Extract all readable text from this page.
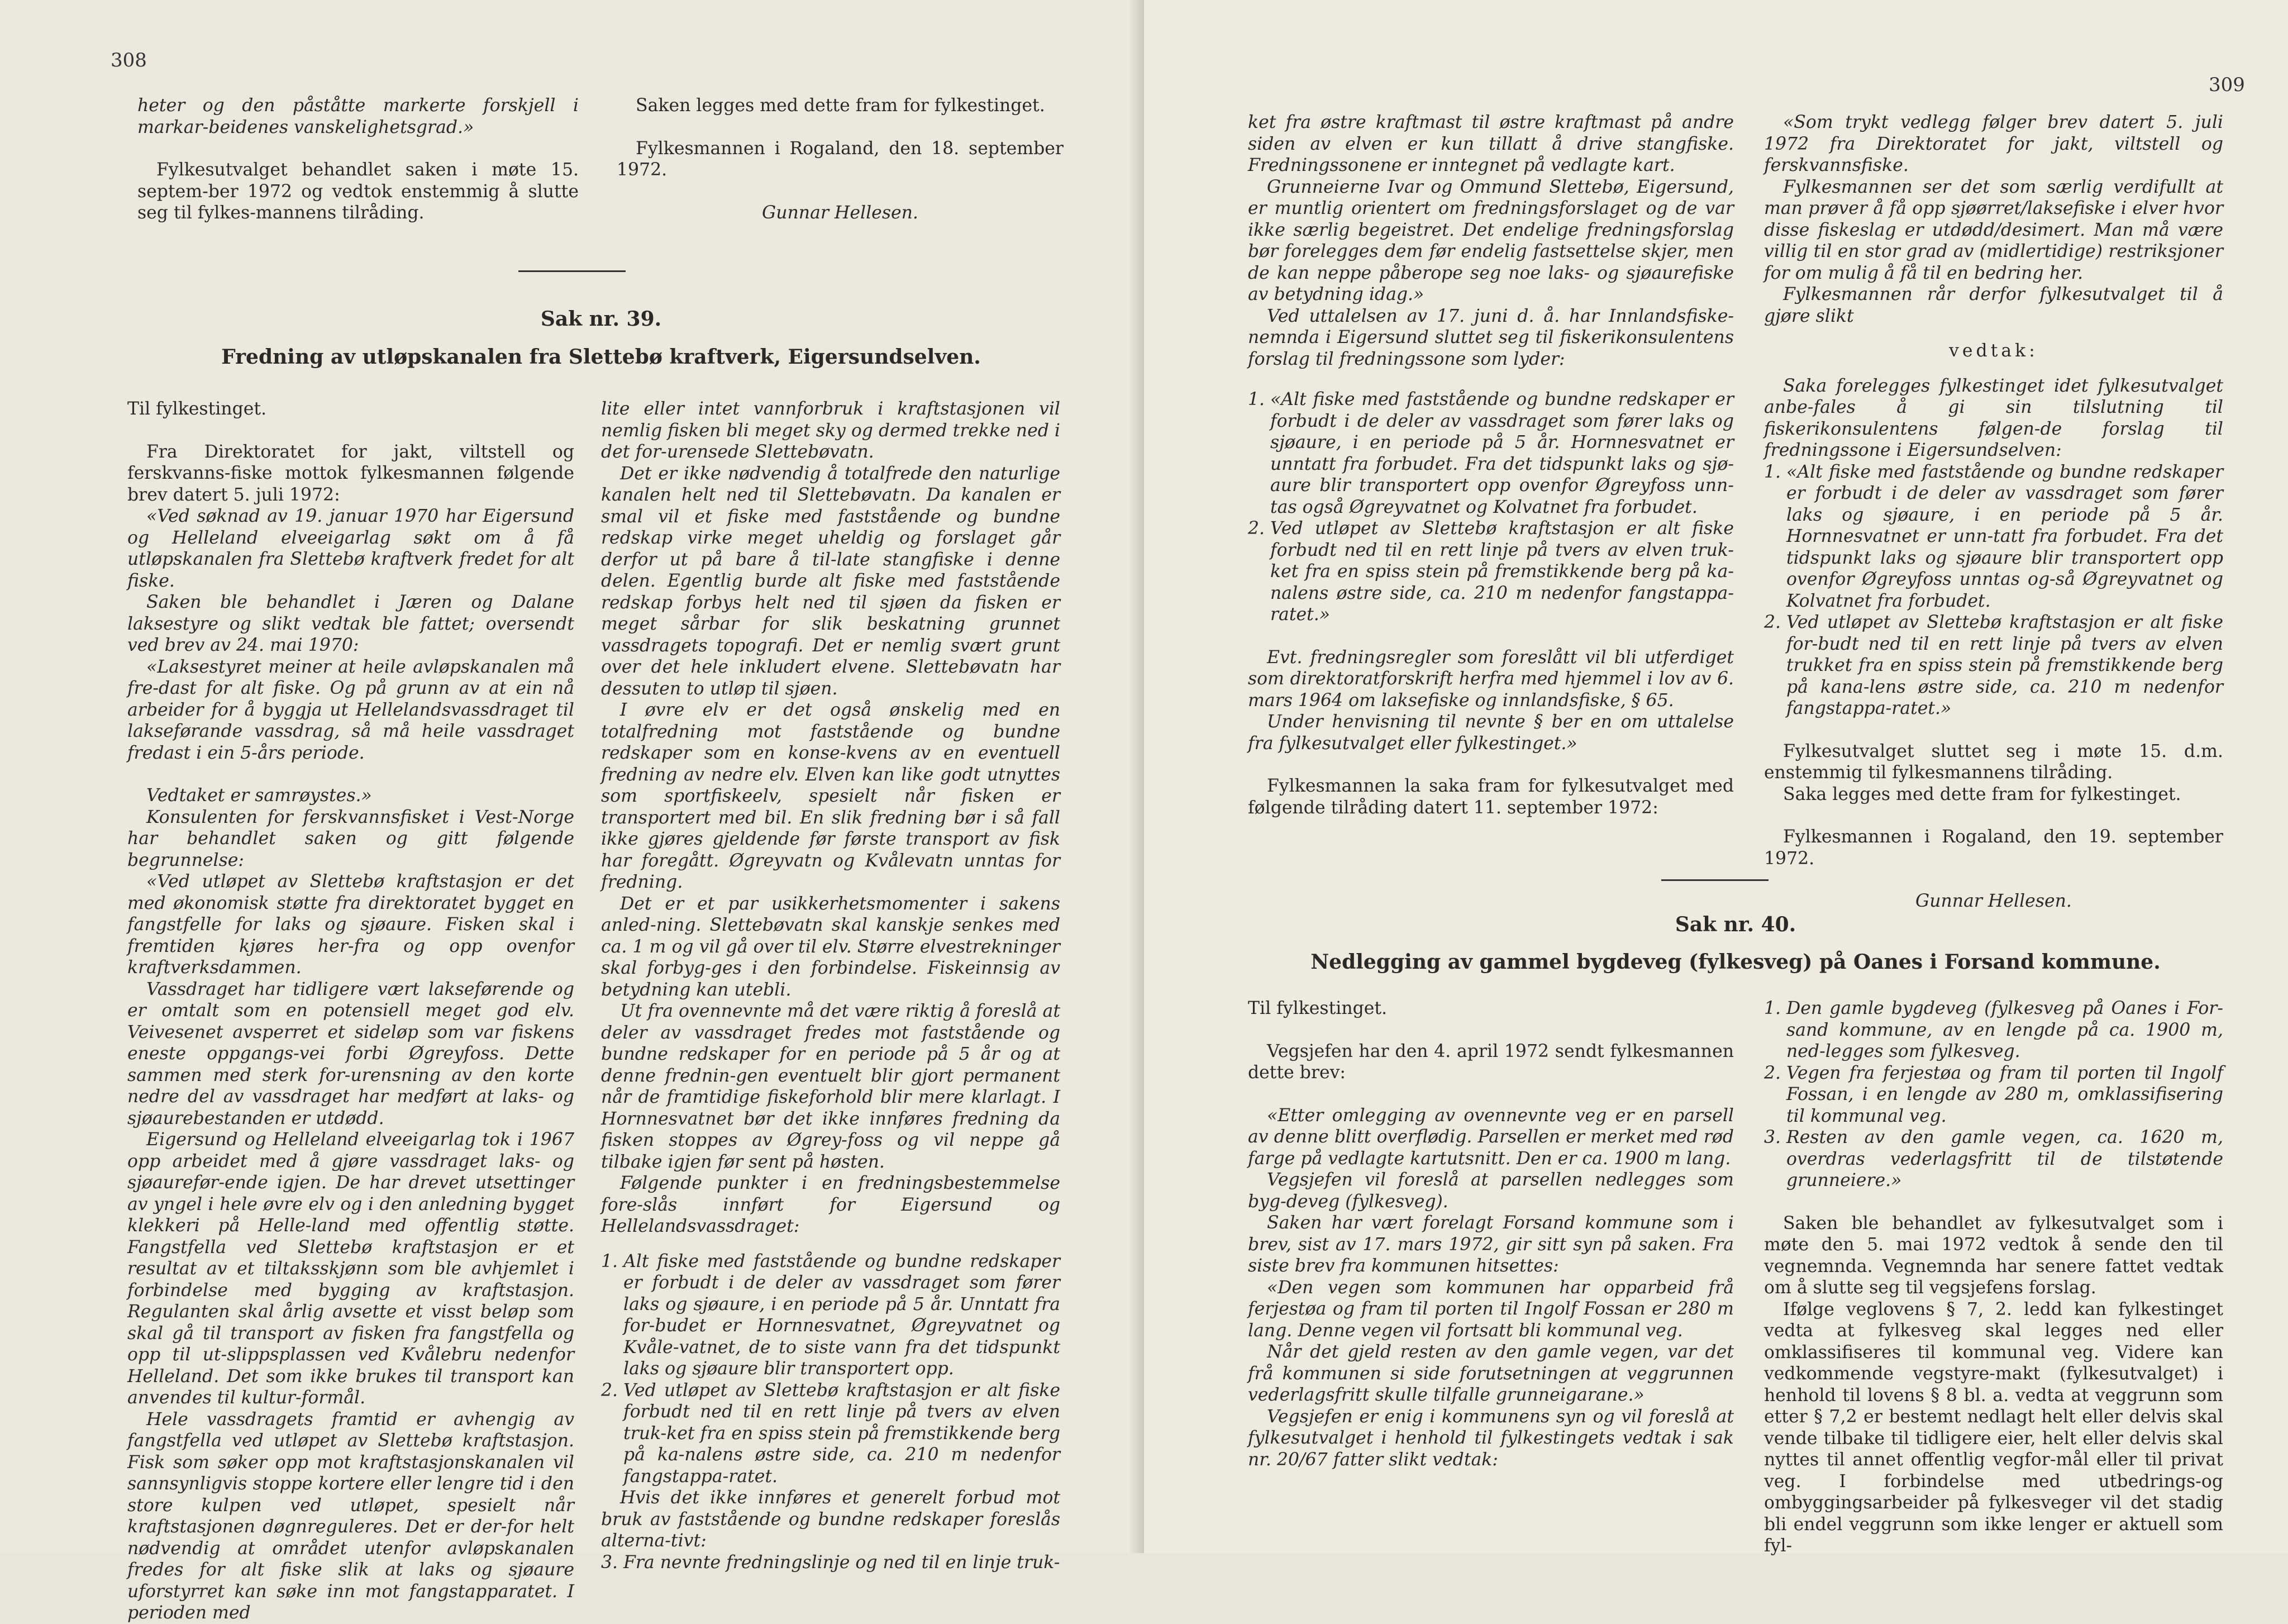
308

heter og den påståtte markerte forskjell i markar-beidenes vanskelighetsgrad.»

Fylkesutvalget behandlet saken i møte 15. septem-ber 1972 og vedtok enstemmig å slutte seg til fylkes-mannens tilråding.

Saken legges med dette fram for fylkestinget.

Fylkesmannen i Rogaland, den 18. september 1972.

Gunnar Hellesen.

Sak nr. 39.
Fredning av utløpskanalen fra Slettebø kraftverk, Eigersundselven.

Til fylkestinget.

Fra Direktoratet for jakt, viltstell og ferskvanns-fiske mottok fylkesmannen følgende brev datert 5. juli 1972:

«Ved søknad av 19. januar 1970 har Eigersund og Helleland elveeigarlag søkt om å få utløpskanalen fra Slettebø kraftverk fredet for alt fiske.

Saken ble behandlet i Jæren og Dalane laksestyre og slikt vedtak ble fattet; oversendt ved brev av 24. mai 1970:

«Laksestyret meiner at heile avløpskanalen må fre-dast for alt fiske. Og på grunn av at ein nå arbeider for å byggja ut Hellelandsvassdraget til lakseførande vassdrag, så må heile vassdraget fredast i ein 5-års periode.

Vedtaket er samrøystes.»

Konsulenten for ferskvannsfisket i Vest-Norge har behandlet saken og gitt følgende begrunnelse:

«Ved utløpet av Slettebø kraftstasjon er det med økonomisk støtte fra direktoratet bygget en fangstfelle for laks og sjøaure. Fisken skal i fremtiden kjøres her-fra og opp ovenfor kraftverksdammen.

Vassdraget har tidligere vært lakseførende og er omtalt som en potensiell meget god elv. Veivesenet avsperret et sideløp som var fiskens eneste oppgangs-vei forbi Øgreyfoss. Dette sammen med sterk for-urensning av den korte nedre del av vassdraget har medført at laks- og sjøaurebestanden er utdødd.

Eigersund og Helleland elveeigarlag tok i 1967 opp arbeidet med å gjøre vassdraget laks- og sjøaurefør-ende igjen. De har drevet utsettinger av yngel i hele øvre elv og i den anledning bygget klekkeri på Helle-land med offentlig støtte. Fangstfella ved Slettebø kraftstasjon er et resultat av et tiltaksskjønn som ble avhjemlet i forbindelse med bygging av kraftstasjon. Regulanten skal årlig avsette et visst beløp som skal gå til transport av fisken fra fangstfella og opp til ut-slippsplassen ved Kvålebru nedenfor Helleland. Det som ikke brukes til transport kan anvendes til kultur-formål.

Hele vassdragets framtid er avhengig av fangstfella ved utløpet av Slettebø kraftstasjon. Fisk som søker opp mot kraftstasjonskanalen vil sannsynligvis stoppe kortere eller lengre tid i den store kulpen ved utløpet, spesielt når kraftstasjonen døgnreguleres. Det er der-for helt nødvendig at området utenfor avløpskanalen fredes for alt fiske slik at laks og sjøaure uforstyrret kan søke inn mot fangstapparatet. I perioden med

lite eller intet vannforbruk i kraftstasjonen vil nemlig fisken bli meget sky og dermed trekke ned i det for-urensede Slettebøvatn.

Det er ikke nødvendig å totalfrede den naturlige kanalen helt ned til Slettebøvatn. Da kanalen er smal vil et fiske med faststående og bundne redskap virke meget uheldig og forslaget går derfor ut på bare å til-late stangfiske i denne delen. Egentlig burde alt fiske med faststående redskap forbys helt ned til sjøen da fisken er meget sårbar for slik beskatning grunnet vassdragets topografi. Det er nemlig svært grunt over det hele inkludert elvene. Slettebøvatn har dessuten to utløp til sjøen.

I øvre elv er det også ønskelig med en totalfredning mot faststående og bundne redskaper som en konse-kvens av en eventuell fredning av nedre elv. Elven kan like godt utnyttes som sportfiskeelv, spesielt når fisken er transportert med bil. En slik fredning bør i så fall ikke gjøres gjeldende før første transport av fisk har foregått. Øgreyvatn og Kvålevatn unntas for fredning.

Det er et par usikkerhetsmomenter i sakens anled-ning. Slettebøvatn skal kanskje senkes med ca. 1 m og vil gå over til elv. Større elvestrekninger skal forbyg-ges i den forbindelse. Fiskeinnsig av betydning kan utebli.

Ut fra ovennevnte må det være riktig å foreslå at deler av vassdraget fredes mot faststående og bundne redskaper for en periode på 5 år og at denne frednin-gen eventuelt blir gjort permanent når de framtidige fiskeforhold blir mere klarlagt. I Hornnesvatnet bør det ikke innføres fredning da fisken stoppes av Øgrey-foss og vil neppe gå tilbake igjen før sent på høsten.

Følgende punkter i en fredningsbestemmelse fore-slås innført for Eigersund og Hellelandsvassdraget:

1. Alt fiske med faststående og bundne redskaper er forbudt i de deler av vassdraget som fører laks og sjøaure, i en periode på 5 år. Unntatt fra for-budet er Hornnesvatnet, Øgreyvatnet og Kvåle-vatnet, de to siste vann fra det tidspunkt laks og sjøaure blir transportert opp.
2. Ved utløpet av Slettebø kraftstasjon er alt fiske forbudt ned til en rett linje på tvers av elven truk-ket fra en spiss stein på fremstikkende berg på ka-nalens østre side, ca. 210 m nedenfor fangstappa-ratet.

Hvis det ikke innføres et generelt forbud mot bruk av faststående og bundne redskaper foreslås alterna-tivt:

3. Fra nevnte fredningslinje og ned til en linje truk-
309

ket fra østre kraftmast til østre kraftmast på andre siden av elven er kun tillatt å drive stangfiske. Fredningssonene er inntegnet på vedlagte kart.

Grunneierne Ivar og Ommund Slettebø, Eigersund, er muntlig orientert om fredningsforslaget og de var ikke særlig begeistret. Det endelige fredningsforslag bør forelegges dem før endelig fastsettelse skjer, men de kan neppe påberope seg noe laks- og sjøaurefiske av betydning idag.»

Ved uttalelsen av 17. juni d. å. har Innlandsfiske-nemnda i Eigersund sluttet seg til fiskerikonsulentens forslag til fredningssone som lyder:

1. «Alt fiske med faststående og bundne redskaper er forbudt i de deler av vassdraget som fører laks og sjøaure, i en periode på 5 år. Hornnesvatnet er unntatt fra forbudet. Fra det tidspunkt laks og sjø-aure blir transportert opp ovenfor Øgreyfoss unn-tas også Øgreyvatnet og Kolvatnet fra forbudet.
2. Ved utløpet av Slettebø kraftstasjon er alt fiske forbudt ned til en rett linje på tvers av elven truk-ket fra en spiss stein på fremstikkende berg på ka-nalens østre side, ca. 210 m nedenfor fangstappa-ratet.»

Evt. fredningsregler som foreslått vil bli utferdiget som direktoratforskrift herfra med hjemmel i lov av 6. mars 1964 om laksefiske og innlandsfiske, § 65.

Under henvisning til nevnte § ber en om uttalelse fra fylkesutvalget eller fylkestinget.»

Fylkesmannen la saka fram for fylkesutvalget med følgende tilråding datert 11. september 1972:

«Som trykt vedlegg følger brev datert 5. juli 1972 fra Direktoratet for jakt, viltstell og ferskvannsfiske.

Fylkesmannen ser det som særlig verdifullt at man prøver å få opp sjøørret/laksefiske i elver hvor disse fiskeslag er utdødd/desimert. Man må være villig til en stor grad av (midlertidige) restriksjoner for om mulig å få til en bedring her.

Fylkesmannen rår derfor fylkesutvalget til å gjøre slikt

vedtak:

Saka forelegges fylkestinget idet fylkesutvalget anbe-fales å gi sin tilslutning til fiskerikonsulentens følgen-de forslag til fredningssone i Eigersundselven:

1. «Alt fiske med faststående og bundne redskaper er forbudt i de deler av vassdraget som fører laks og sjøaure, i en periode på 5 år. Hornnesvatnet er unn-tatt fra forbudet. Fra det tidspunkt laks og sjøaure blir transportert opp ovenfor Øgreyfoss unntas og-så Øgreyvatnet og Kolvatnet fra forbudet.
2. Ved utløpet av Slettebø kraftstasjon er alt fiske for-budt ned til en rett linje på tvers av elven trukket fra en spiss stein på fremstikkende berg på kana-lens østre side, ca. 210 m nedenfor fangstappa-ratet.»

Fylkesutvalget sluttet seg i møte 15. d.m. enstemmig til fylkesmannens tilråding.

Saka legges med dette fram for fylkestinget.

Fylkesmannen i Rogaland, den 19. september 1972.

Gunnar Hellesen.

Sak nr. 40.
Nedlegging av gammel bygdeveg (fylkesveg) på Oanes i Forsand kommune.

Til fylkestinget.

Vegsjefen har den 4. april 1972 sendt fylkesmannen dette brev:

«Etter omlegging av ovennevnte veg er en parsell av denne blitt overflødig. Parsellen er merket med rød farge på vedlagte kartutsnitt. Den er ca. 1900 m lang.

Vegsjefen vil foreslå at parsellen nedlegges som byg-deveg (fylkesveg).

Saken har vært forelagt Forsand kommune som i brev, sist av 17. mars 1972, gir sitt syn på saken. Fra siste brev fra kommunen hitsettes:

«Den vegen som kommunen har opparbeid frå ferjestøa og fram til porten til Ingolf Fossan er 280 m lang. Denne vegen vil fortsatt bli kommunal veg.

Når det gjeld resten av den gamle vegen, var det frå kommunen si side forutsetningen at veggrunnen vederlagsfritt skulle tilfalle grunneigarane.»

Vegsjefen er enig i kommunens syn og vil foreslå at fylkesutvalget i henhold til fylkestingets vedtak i sak nr. 20/67 fatter slikt vedtak:

1. Den gamle bygdeveg (fylkesveg på Oanes i For-sand kommune, av en lengde på ca. 1900 m, ned-legges som fylkesveg.
2. Vegen fra ferjestøa og fram til porten til Ingolf Fossan, i en lengde av 280 m, omklassifisering til kommunal veg.
3. Resten av den gamle vegen, ca. 1620 m, overdras vederlagsfritt til de tilstøtende grunneiere.»

Saken ble behandlet av fylkesutvalget som i møte den 5. mai 1972 vedtok å sende den til vegnemnda. Vegnemnda har senere fattet vedtak om å slutte seg til vegsjefens forslag.

Ifølge veglovens § 7, 2. ledd kan fylkestinget vedta at fylkesveg skal legges ned eller omklassifiseres til kommunal veg. Videre kan vedkommende vegstyre-makt (fylkesutvalget) i henhold til lovens § 8 bl. a. vedta at veggrunn som etter § 7,2 er bestemt nedlagt helt eller delvis skal vende tilbake til tidligere eier, helt eller delvis skal nyttes til annet offentlig vegfor-mål eller til privat veg. I forbindelse med utbedrings-og ombyggingsarbeider på fylkesveger vil det stadig bli endel veggrunn som ikke lenger er aktuell som fyl-
